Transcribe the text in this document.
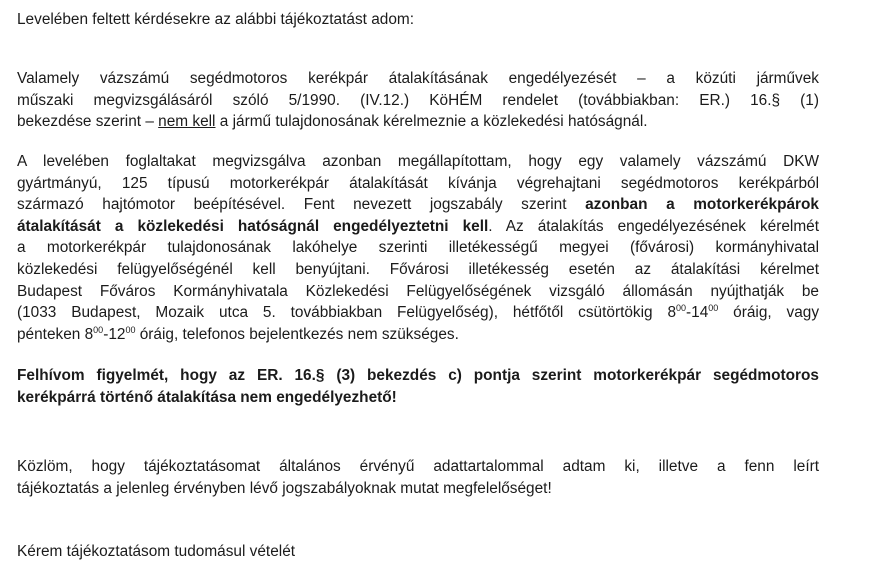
Levelében feltett kérdésekre az alábbi tájékoztatást adom:

Valamely vázszámú segédmotoros kerékpár átalakításának engedélyezését – a közúti járművek
műszaki megvizsgálásáról szóló 5/1990. (IV.12.) KöHÉM rendelet (továbbiakban: ER.) 16.§ (1)
bekezdése szerint – nem kell a jármű tulajdonosának kérelmeznie a közlekedési hatóságnál.

A levelében foglaltakat megvizsgálva azonban megállapítottam, hogy egy valamely vázszámú DKW
gyártmányú, 125 típusú motorkerékpár átalakítását kívánja végrehajtani segédmotoros kerékpárból
származó hajtómotor beépítésével. Fent nevezett jogszabály szerint azonban a motorkerékpárok
átalakítását a közlekedési hatóságnál engedélyeztetni kell. Az átalakítás engedélyezésének kérelmét
a motorkerékpár tulajdonosának lakóhelye szerinti illetékességű megyei (fővárosi) kormányhivatal
közlekedési felügyelőségénél kell benyújtani. Fővárosi illetékesség esetén az átalakítási kérelmet
Budapest Főváros Kormányhivatala Közlekedési Felügyelőségének vizsgáló állomásán nyújthatják be
(1033 Budapest, Mozaik utca 5. továbbiakban Felügyelőség), hétfőtől csütörtökig $8^{00}-14^{00}$ óráig, vagy
pénteken $8^{00}-12^{00}$ óráig, telefonos bejelentkezés nem szükséges.

Felhívom figyelmét, hogy az ER. 16.§ (3) bekezdés c) pontja szerint motorkerékpár segédmotoros
kerékpárrá történő átalakítása nem engedélyezhető!

Közlöm, hogy tájékoztatásomat általános érvényű adattartalommal adtam ki, illetve a fenn leírt
tájékoztatás a jelenleg érvényben lévő jogszabályoknak mutat megfelelőséget!

Kérem tájékoztatásom tudomásul vételét
